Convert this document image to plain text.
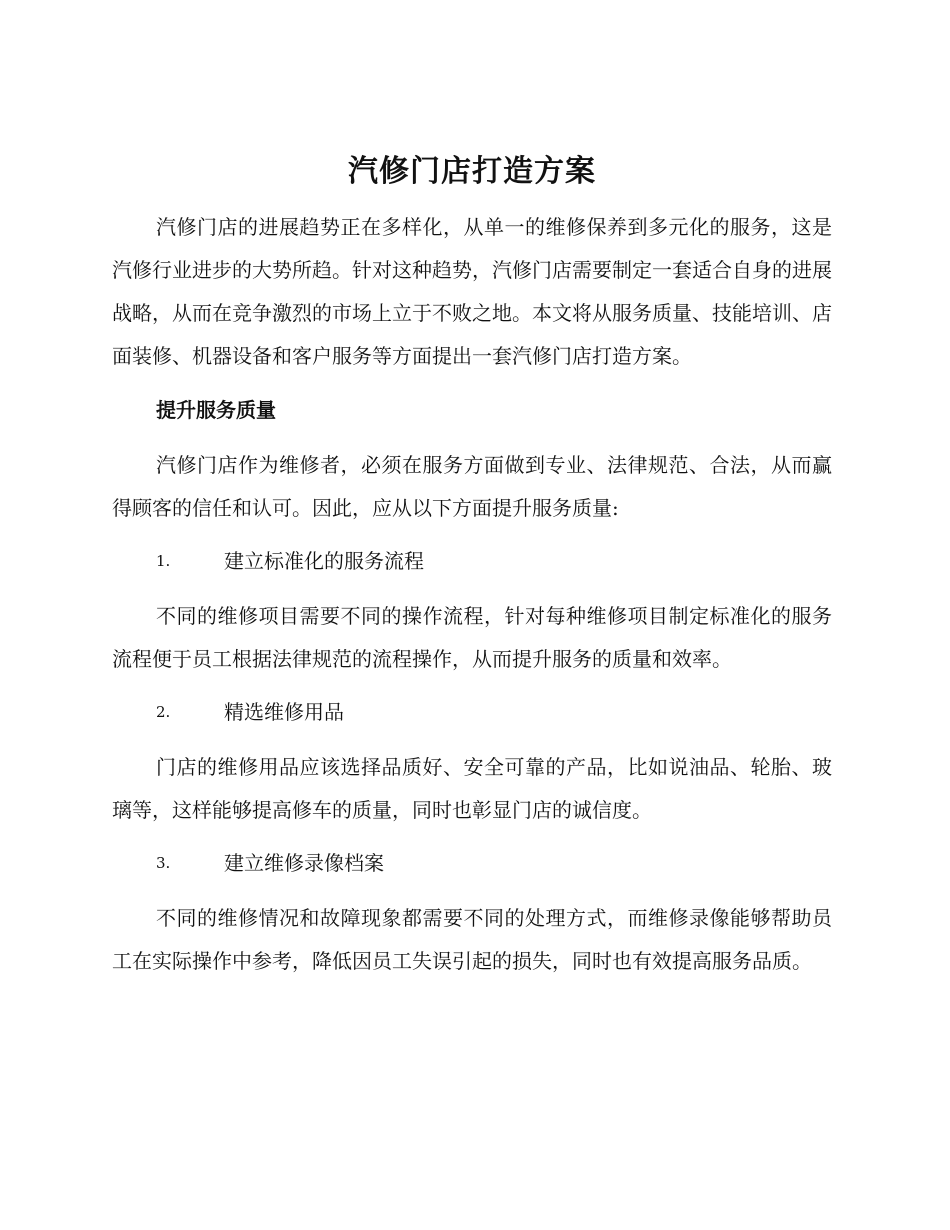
汽修门店打造方案

汽修门店的进展趋势正在多样化，从单一的维修保养到多元化的服务，这是汽修行业进步的大势所趋。针对这种趋势，汽修门店需要制定一套适合自身的进展战略，从而在竞争激烈的市场上立于不败之地。本文将从服务质量、技能培训、店面装修、机器设备和客户服务等方面提出一套汽修门店打造方案。

提升服务质量

汽修门店作为维修者，必须在服务方面做到专业、法律规范、合法，从而赢得顾客的信任和认可。因此，应从以下方面提升服务质量:

1.	建立标准化的服务流程

不同的维修项目需要不同的操作流程，针对每种维修项目制定标准化的服务流程便于员工根据法律规范的流程操作，从而提升服务的质量和效率。

2.	精选维修用品

门店的维修用品应该选择品质好、安全可靠的产品，比如说油品、轮胎、玻璃等，这样能够提高修车的质量，同时也彰显门店的诚信度。

3.	建立维修录像档案

不同的维修情况和故障现象都需要不同的处理方式，而维修录像能够帮助员工在实际操作中参考，降低因员工失误引起的损失，同时也有效提高服务品质。
